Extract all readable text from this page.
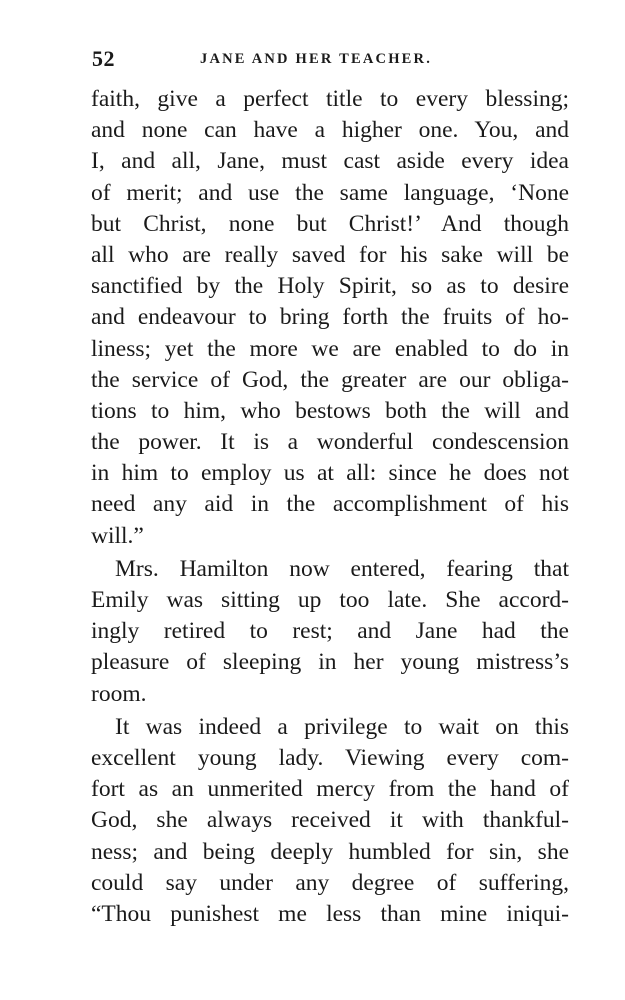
52	JANE AND HER TEACHER.
faith, give a perfect title to every blessing;
and none can have a higher one. You, and
I, and all, Jane, must cast aside every idea
of merit; and use the same language, ‘None
but Christ, none but Christ!’ And though
all who are really saved for his sake will be
sanctified by the Holy Spirit, so as to desire
and endeavour to bring forth the fruits of ho-
liness; yet the more we are enabled to do in
the service of God, the greater are our obliga-
tions to him, who bestows both the will and
the power. It is a wonderful condescension
in him to employ us at all: since he does not
need any aid in the accomplishment of his
will.”
Mrs. Hamilton now entered, fearing that
Emily was sitting up too late. She accord-
ingly retired to rest; and Jane had the
pleasure of sleeping in her young mistress’s
room.
It was indeed a privilege to wait on this
excellent young lady. Viewing every com-
fort as an unmerited mercy from the hand of
God, she always received it with thankful-
ness; and being deeply humbled for sin, she
could say under any degree of suffering,
“Thou punishest me less than mine iniqui-
